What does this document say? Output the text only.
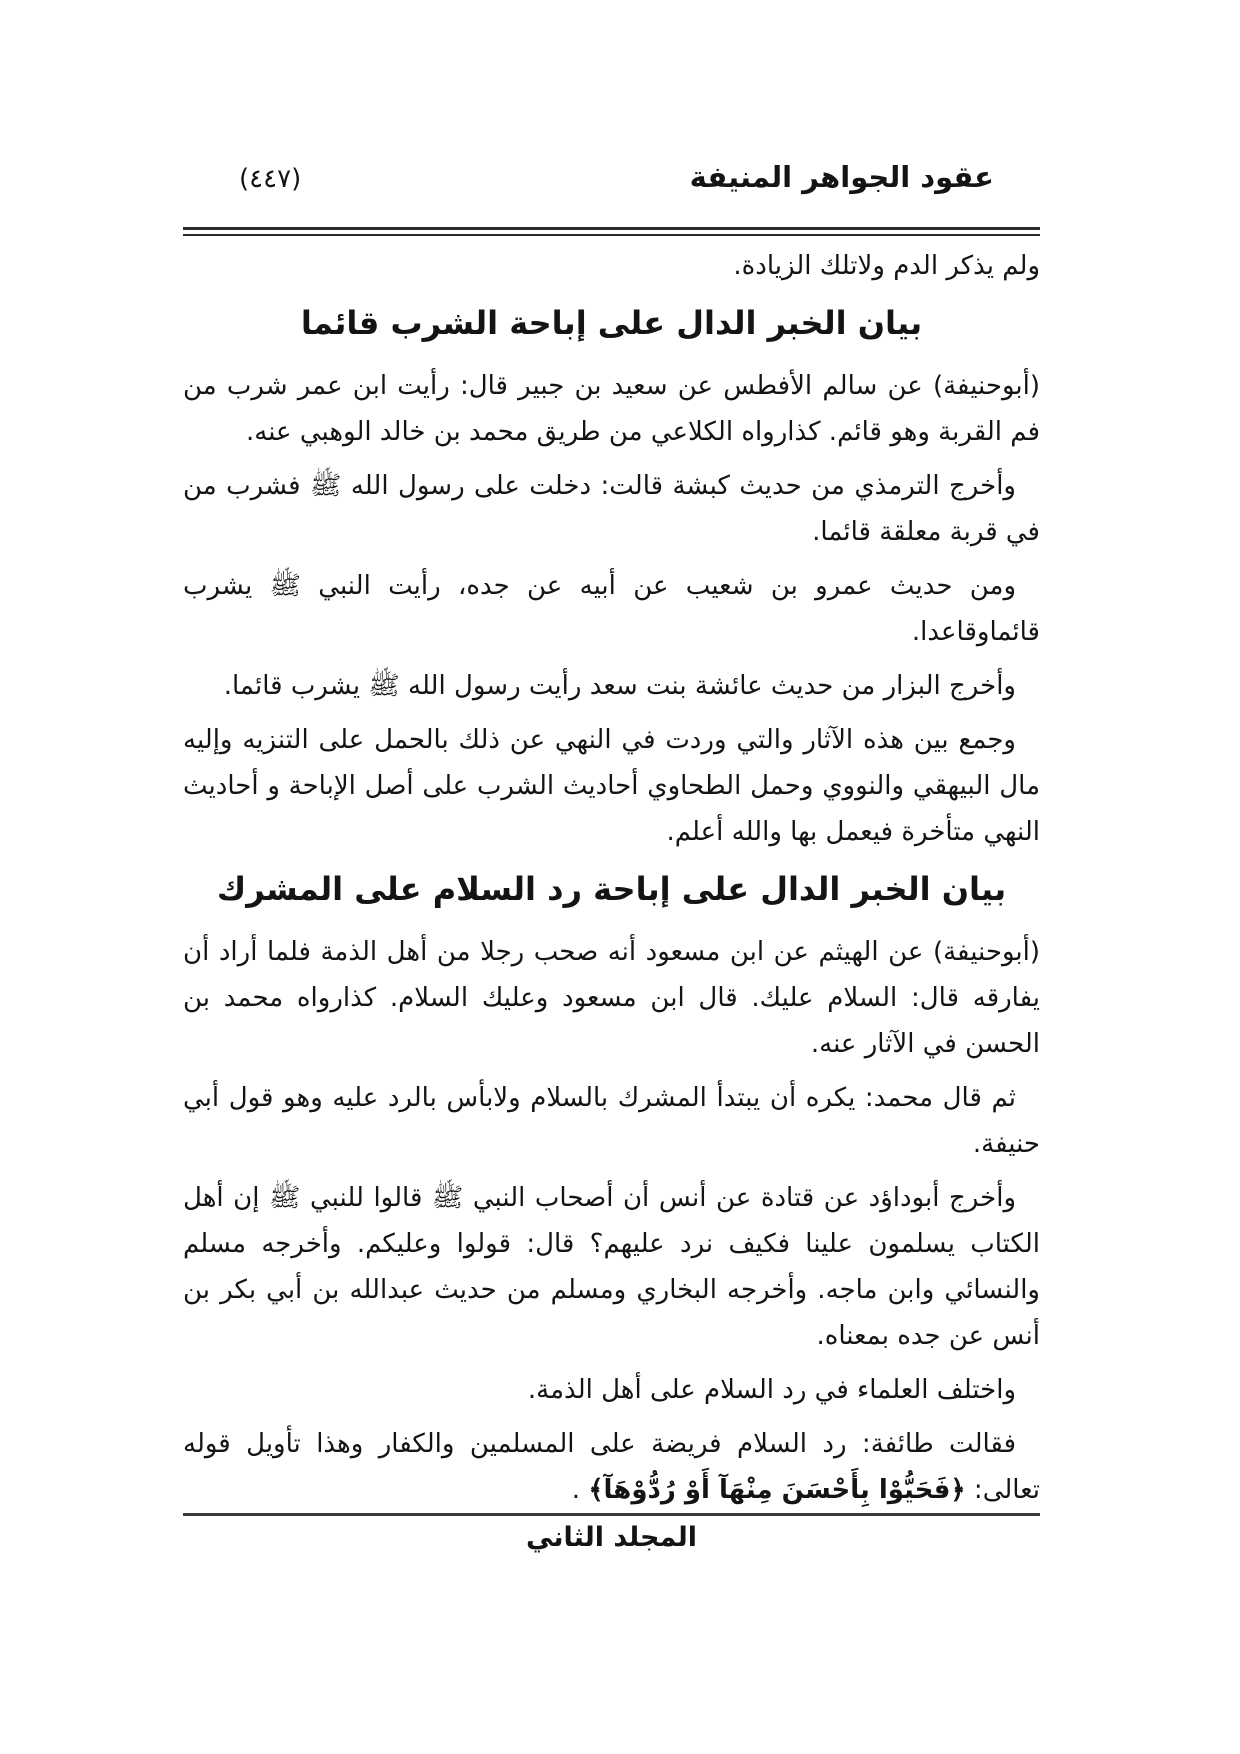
عقود الجواهر المنيفة
(٤٤٧)

ولم يذكر الدم ولاتلك الزيادة.

بيان الخبر الدال على إباحة الشرب قائما

(أبوحنيفة) عن سالم الأفطس عن سعيد بن جبير قال: رأيت ابن عمر شرب من فم القربة وهو قائم. كذارواه الكلاعي من طريق محمد بن خالد الوهبي عنه.

وأخرج الترمذي من حديث كبشة قالت: دخلت على رسول الله ﷺ فشرب من في قربة معلقة قائما.

ومن حديث عمرو بن شعيب عن أبيه عن جده، رأيت النبي ﷺ يشرب قائماوقاعدا.

وأخرج البزار من حديث عائشة بنت سعد رأيت رسول الله ﷺ يشرب قائما.

وجمع بين هذه الآثار والتي وردت في النهي عن ذلك بالحمل على التنزيه وإليه مال البيهقي والنووي وحمل الطحاوي أحاديث الشرب على أصل الإباحة و أحاديث النهي متأخرة فيعمل بها والله أعلم.

بيان الخبر الدال على إباحة رد السلام على المشرك

(أبوحنيفة) عن الهيثم عن ابن مسعود أنه صحب رجلا من أهل الذمة فلما أراد أن يفارقه قال: السلام عليك. قال ابن مسعود وعليك السلام. كذارواه محمد بن الحسن في الآثار عنه.

ثم قال محمد: يكره أن يبتدأ المشرك بالسلام ولابأس بالرد عليه وهو قول أبي حنيفة.

وأخرج أبوداؤد عن قتادة عن أنس أن أصحاب النبي ﷺ قالوا للنبي ﷺ إن أهل الكتاب يسلمون علينا فكيف نرد عليهم؟ قال: قولوا وعليكم. وأخرجه مسلم والنسائي وابن ماجه. وأخرجه البخاري ومسلم من حديث عبدالله بن أبي بكر بن أنس عن جده بمعناه.

واختلف العلماء في رد السلام على أهل الذمة.

فقالت طائفة: رد السلام فريضة على المسلمين والكفار وهذا تأويل قوله تعالى: ﴿فَحَيُّوْا بِأَحْسَنَ مِنْهَآ أَوْ رُدُّوْهَآ﴾ .

المجلد الثاني
